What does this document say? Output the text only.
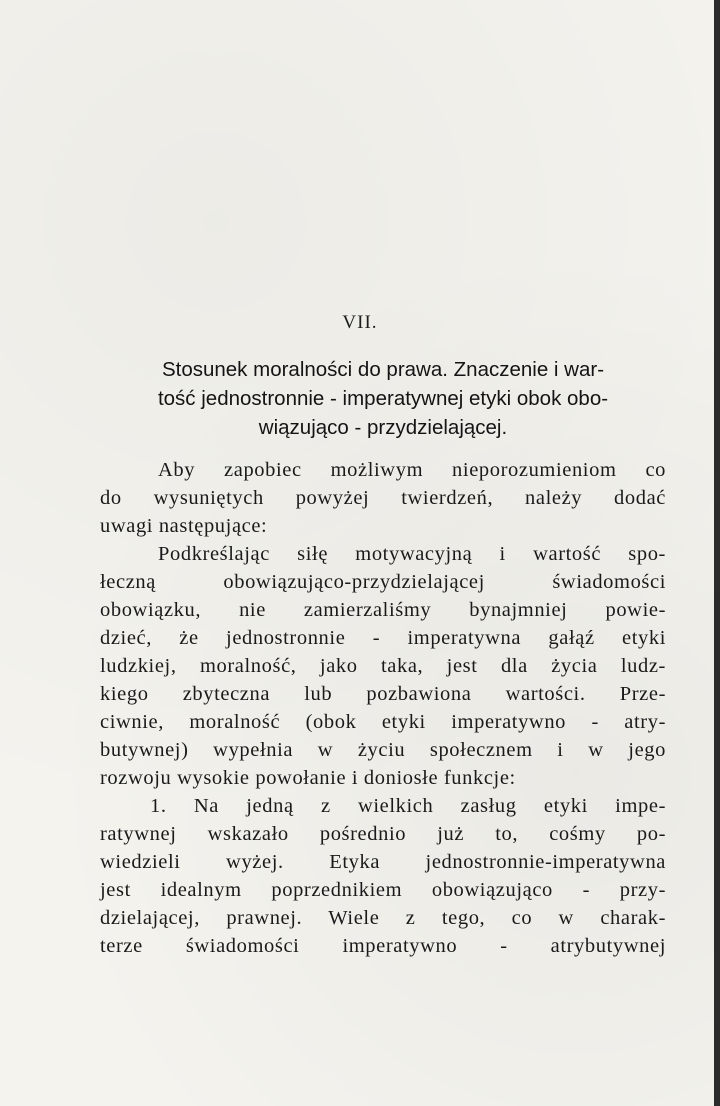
VII.
Stosunek moralności do prawa. Znaczenie i war-
tość jednostronnie - imperatywnej etyki obok obo-
wiązująco - przydzielającej.
Aby zapobiec możliwym nieporozumieniom co
do wysuniętych powyżej twierdzeń, należy dodać
uwagi następujące:
Podkreślając siłę motywacyjną i wartość spo-
łeczną obowiązująco-przydzielającej świadomości
obowiązku, nie zamierzaliśmy bynajmniej powie-
dzieć, że jednostronnie - imperatywna gałąź etyki
ludzkiej, moralność, jako taka, jest dla życia ludz-
kiego zbyteczna lub pozbawiona wartości. Prze-
ciwnie, moralność (obok etyki imperatywno - atry-
butywnej) wypełnia w życiu społecznem i w jego
rozwoju wysokie powołanie i doniosłe funkcje:
1. Na jedną z wielkich zasług etyki impe-
ratywnej wskazało pośrednio już to, cośmy po-
wiedzieli wyżej. Etyka jednostronnie-imperatywna
jest idealnym poprzednikiem obowiązująco - przy-
dzielającej, prawnej. Wiele z tego, co w charak-
terze świadomości imperatywno - atrybutywnej
